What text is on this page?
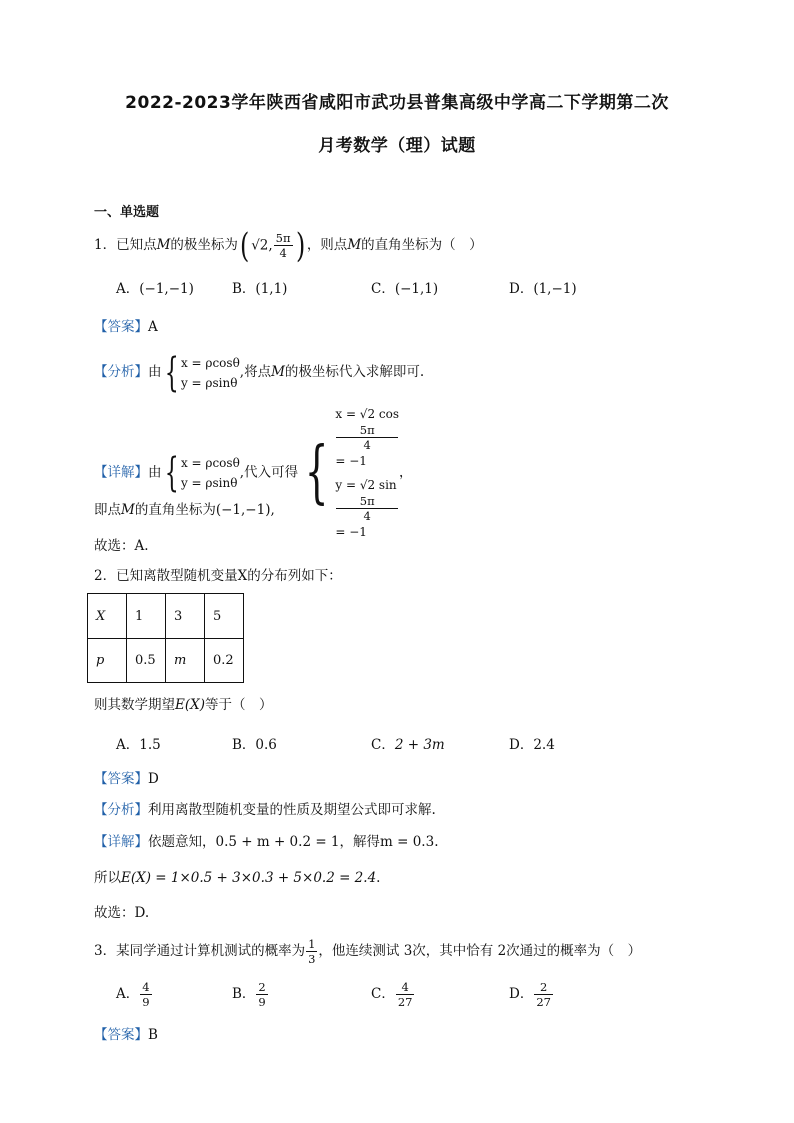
2022-2023学年陕西省咸阳市武功县普集高级中学高二下学期第二次
月考数学（理）试题
一、单选题
1．已知点M的极坐标为( √2, $\frac{5\pi}{4}$ ) ，则点M的直角坐标为（　）
A．(−1,−1)	B．(1,1)	C．(−1,1)	D．(1,−1)
【答案】A
【分析】由{ x = ρcosθ
y = ρsinθ
,将点M的极坐标代入求解即可.
【详解】由{ x = ρcosθ
y = ρsinθ
,代入可得{
x = √2 cos
5π
4
= −1
y = √2 sin
5π
4
= −1
，
即点M的直角坐标为(−1,−1),
故选：A.
2．已知离散型随机变量X的分布列如下：
X	1	3	5
p	0.5	m	0.2
则其数学期望E(X)等于（　）
A．1.5	B．0.6	C．2 + 3m	D．2.4
【答案】D
【分析】利用离散型随机变量的性质及期望公式即可求解.
【详解】依题意知，0.5 + m + 0.2 = 1，解得m = 0.3.
所以E(X) = 1×0.5 + 3×0.3 + 5×0.2 = 2.4.
故选：D.
3．某同学通过计算机测试的概率为 $\frac{1}{3}$ ，他连续测试 3次，其中恰有 2次通过的概率为（　）
A． $\frac{4}{9}$	B． $\frac{2}{9}$	C． $\frac{4}{27}$	D． $\frac{2}{27}$
【答案】B
